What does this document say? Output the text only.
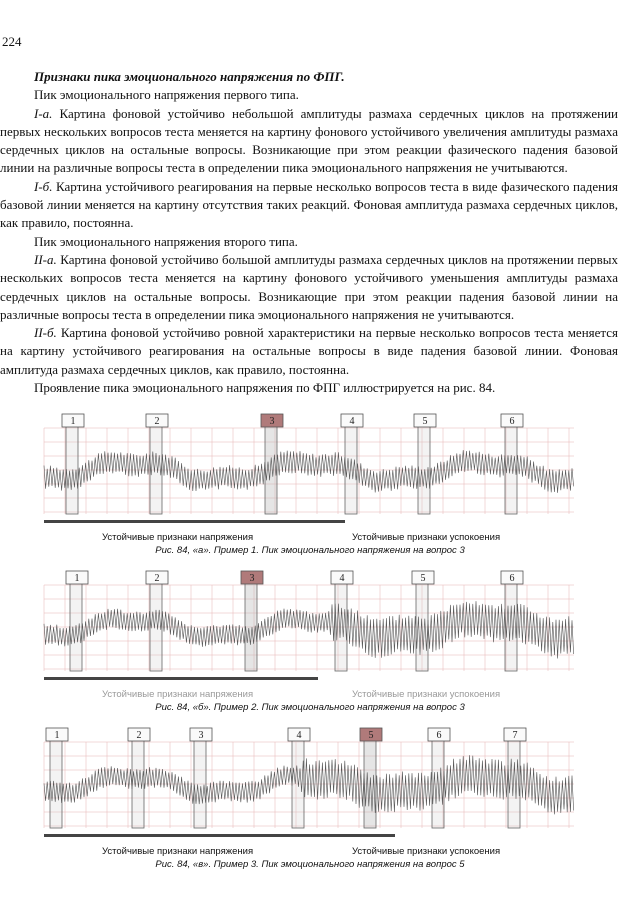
224

Признаки пика эмоционального напряжения по ФПГ.

Пик эмоционального напряжения первого типа.

I-а. Картина фоновой устойчиво небольшой амплитуды размаха сердечных циклов на протяжении первых нескольких вопросов теста меняется на картину фонового устойчивого увеличения амплитуды размаха сердечных циклов на остальные вопросы. Возникающие при этом реакции фазического падения базовой линии на различные вопросы теста в определении пика эмоционального напряжения не учитываются.

I-б. Картина устойчивого реагирования на первые несколько вопросов теста в виде фазического падения базовой линии меняется на картину отсутствия таких реакций. Фоновая амплитуда размаха сердечных циклов, как правило, постоянна.

Пик эмоционального напряжения второго типа.

II-а. Картина фоновой устойчиво большой амплитуды размаха сердечных циклов на протяжении первых нескольких вопросов теста меняется на картину фонового устойчивого уменьшения амплитуды размаха сердечных циклов на остальные вопросы. Возникающие при этом реакции падения базовой линии на различные вопросы теста в определении пика эмоционального напряжения не учитываются.

II-б. Картина фоновой устойчиво ровной характеристики на первые несколько вопросов теста меняется на картину устойчивого реагирования на остальные вопросы в виде падения базовой линии. Фоновая амплитуда размаха сердечных циклов, как правило, постоянна.

Проявление пика эмоционального напряжения по ФПГ иллюстрируется на рис. 84.

1	2	3	4	5	6
Устойчивые признаки напряжения	Устойчивые признаки успокоения
Рис. 84, «а». Пример 1. Пик эмоционального напряжения на вопрос 3
1	2	3	4	5	6
Устойчивые признаки напряжения	Устойчивые признаки успокоения
Рис. 84, «б». Пример 2. Пик эмоционального напряжения на вопрос 3
1	2	3	4	5	6	7
Устойчивые признаки напряжения	Устойчивые признаки успокоения
Рис. 84, «в». Пример 3. Пик эмоционального напряжения на вопрос 5
